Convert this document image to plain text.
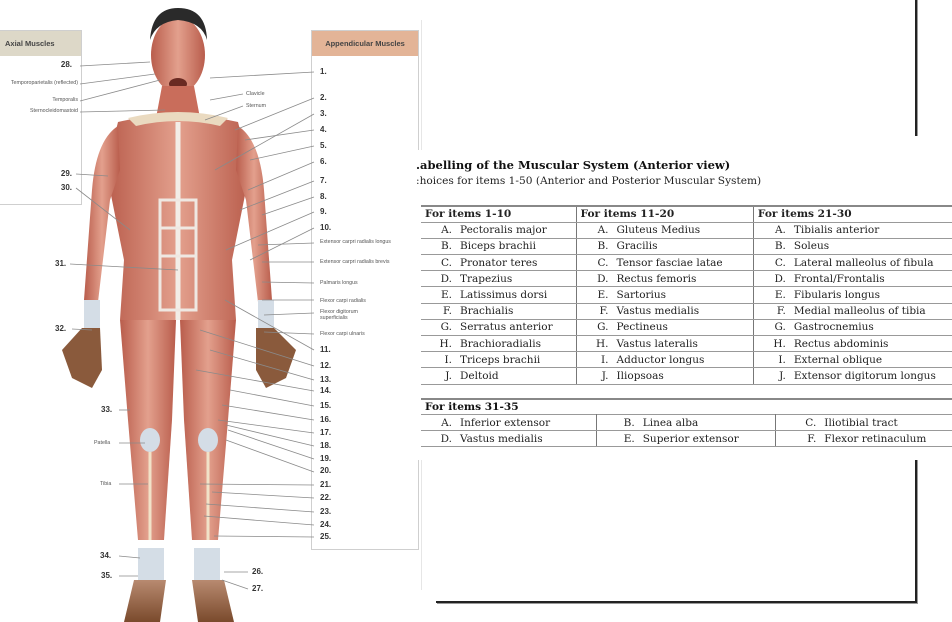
Axial Muscles	Appendicular Muscles
28.
Temporoparietalis (reflected)
Temporalis
Sternocleidomastoid
29.
30.
31.
32.
33.
Patella
Tibia
34.
35.
Clavicle
Sternum
26.
27.
1.
2.
3.
4.
5.
6.
7.
8.
9.
10.
Extensor carpri radialis longus
Extensor carpri radialis brevis
Palmaris longus
Flexor carpi radialis
Flexor digitorum superficialis
Flexor carpi ulnaris
11.
12.
13.
14.
15.
16.
17.
18.
19.
20.
21.
22.
23.
24.
25.
.abelling of the Muscular System (Anterior view)
:hoices for items 1-50 (Anterior and Posterior Muscular System)
For items 1-10	For items 11-20	For items 21-30
A. Pectoralis major	A. Gluteus Medius	A. Tibialis anterior
B. Biceps brachii	B. Gracilis	B. Soleus
C. Pronator teres	C. Tensor fasciae latae	C. Lateral malleolus of fibula
D. Trapezius	D. Rectus femoris	D. Frontal/Frontalis
E. Latissimus dorsi	E. Sartorius	E. Fibularis longus
F. Brachialis	F. Vastus medialis	F. Medial malleolus of tibia
G. Serratus anterior	G. Pectineus	G. Gastrocnemius
H. Brachioradialis	H. Vastus lateralis	H. Rectus abdominis
I. Triceps brachii	I. Adductor longus	I. External oblique
J. Deltoid	J. Iliopsoas	J. Extensor digitorum longus
For items 31-35
A. Inferior extensor	B. Linea alba	C. Iliotibial tract
D. Vastus medialis	E. Superior extensor	F. Flexor retinaculum
